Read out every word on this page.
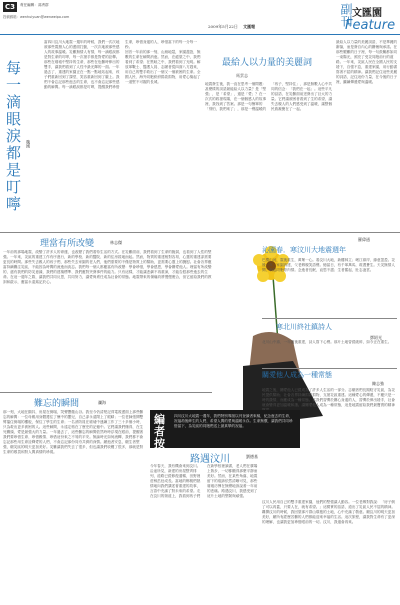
C3	責任編輯：馮秀群
投稿郵箱：wenhuiyuan@wenweipo.com
2009年5月22日 文匯報	副刊 文匯園
Feature
每一滴眼淚都是叮嚀	魏國

當四川汶川大地震一週年的時候，我們一次次地被那些震撼人心的畫面打動，一次次地被那些感人的故事溫暖。災難無情人有情，每一滴眼淚都是對生命的叮嚀，每一次援手都是對愛的詮釋。那些在廢墟中堅持的生命，那些在危難時伸出的雙手，讓我們看到了人性中最光輝的一面。一年過去了，重建的家園正在一點一點地站起來，孩子們重新回到了課堂，笑容重新回到了臉上。我們不會忘記那些逝去的生命，也不會忘記那些感動的瞬間。每一滴眼淚都是叮嚀，提醒我們珍惜生命，珍惜身邊的人，珍惜當下的每一分每一秒。

回首一年前的那一刻，山崩地裂，家園盡毀，無數的生命在瞬間消逝。然而，在絕望之中，我們看到了希望；在黑暗之中，我們看到了光明。解放軍戰士、醫護人員、志願者從四面八方趕來，用自己的雙手救出了一個又一個被困的生命。全國人民、海外同胞紛紛捐款捐物，用愛心築起了一道堅不可摧的長城。

最給人以力量的美麗詞
馬雲志

地震發生後，我一直在思考一個問題：甚麼樣的詞語最能給人以力量？是「堅強」，是「希望」，還是「愛」？在一次次的救援現場，在一個個感人的故事裡，我找到了答案。那是一句簡單的「別怕，我們來了」，那是一聲溫暖的「孩子，堅持住」，那是無數人心中共同的信念：「我們在一起」。這些平凡的話語，在災難面前迸發出了巨大的力量。它們讓被困者看到了生的希望，讓失去親人的人們感受到了溫暖，讓整個民族凝聚在了一起。

最給人以力量的美麗詞語，不是華麗的辭藻，而是發自內心的關懷與承諾。在那些艱難的日子裡，每一句鼓勵都如同一束陽光，照亮了受災同胞前行的道路。一年來，災區人民在全國人民的支援下，自強不息，重建家園，用行動書寫著不屈的精神。讓我們記住這些美麗的詞語，記住這份力量，在今後的日子裡，繼續傳遞愛與溫暖。

理當有所改變	林志傑

一年前的那場地震，改變了許多人的命運，也改變了我們看待生活的方式。在災難面前，我們看到了生命的脆弱，也看到了人性的堅強。一年來，災區的重建工作有序進行，新的學校、新的醫院、新的住房拔地而起。然而，物質的重建相對容易，心靈的重建卻需要更長的時間。那些失去親人的孩子們，那些失去家園的老人們，他們需要的不僅是物質上的幫助，更需要心靈上的撫慰。社會各界應當持續關注災區，不能因為時間的流逝而淡忘。我們每一個人都應當有所改變：學會珍惜，學會感恩，學會關愛他人。理當有所改變的，還有我們的防災意識、我們的建築標準、我們應對突發事件的能力。只有這樣，才能讓悲劇不再重演，才能告慰那些逝去的生命。在這一週年之際，讓我們共同反思，共同努力，讓愛與責任成為社會的常態。地震帶來的傷痛終將慢慢癒合，但它留給我們的教訓和啟示，應當永遠銘記於心。

羅偉通
沁園春．寒汶川大地震週年

巴蜀山河，震後重生，萬眾一心。看汶川大地，新樓林立；岷江兩岸，綠意盈盈。災後一年，家園再建，父老鄉親笑語聲。憶當日，有千軍萬馬，救護蒼生。天災無情人間，喚起同胞骨肉情。念逝者長眠，哀思不盡；生者奮起，壯志凌雲。

寒北川終社鎮詩人
鄧紹光

北川山中鎮，一年過後重建，詩人寫下心聲。那片土地曾經破碎，如今正在重生。

關愛他人成為一種常態
陳志強

地震之後，關愛他人已經成為了許多人生活的一部分。志願者們長期駐守災區，為災民提供幫助；社會各界持續捐款捐物，支援災區重建。這種愛心的傳遞，不應只是一時的激情，而應成為一種常態。當我們習慣於關心身邊的人，習慣於伸出援手，社會就會變得更加溫暖和諧。讓關愛他人成為一種常態，這是地震留給我們最寶貴的精神

編者按
四川汶川大地震一週年，我們特別專版以刊登讀者來稿，紀念逝去的生命，祝福劫後餘生的人們，希望人間的愛與溫暖永存。生命無價，讓我們共同珍惜當下，為災區的同胞們送上最真摯的祝福。
難忘的瞬間	瀾海

那一刻，大地在顫抖，房屋在倒塌，哭聲響徹山谷。我至今仍清楚記得電視畫面上那些難忘的瞬間：一位母親用身體護住了懷中的嬰兒，自己卻永遠閉上了眼睛；一位老師張開雙臂擋住倒塌的樓板，保住了學生的生命；一名消防員在廢墟中連續工作了三十多個小時，只為救出更多被困的人。這些瞬間，永遠定格在了歷史的記憶中。它們讓我們懂得，在生死關頭，愛是最強大的力量。一年過去了，這些難忘的瞬間依然時時浮現在眼前，提醒著我們要珍惜生命、珍惜親情、珍惜這份來之不易的平安。無論時光如何流轉，我們都不會忘記那些用生命詮釋愛的人們，不會忘記那份同舟共濟的深情。願逝者安息，願生者堅強，願災區的明天更加美好。災難讓我們失去了很多，但也讓我們收穫了很多，那就是對生命的敬畏和對人間真情的珍視。

路遇汶川	劉德基

今年春天，我有機會來到汶川。沿途所見，新建的房屋整齊排列，道路已經修復通暢，田野裡莊稼茁壯成長。當地的鄉親們熱情地向我們講述著重建的故事，言語中充滿了對未來的希望。走在汶川的街道上，我看到孩子們在新學校裡讀書，老人們在廣場上散步，一切都顯得那麼平靜而美好。然而，在某些角落，地震留下的痕跡依然清晰可見，那些廢墟彷彿在無聲地訴說著一年前的悲痛。路遇汶川，我感受到了這片土地的堅韌與頑強。

汶川人民用自己的雙手重建家園，他們的堅強讓人動容。一位老鄉對我說：「房子倒了可以再蓋，只要人在，就有希望。」這樸實的話語，道出了災區人民不屈的精神。離開汶川的時候，我回望那片群山環抱的土地，心中充滿了敬意。願汶川的明天更加美好，願所有經歷苦難的人們都能迎來幸福的生活。這次旅程，讓我對生命有了更深的理解，也讓我更加珍惜眼前的一切。汶川，我還會再來。
